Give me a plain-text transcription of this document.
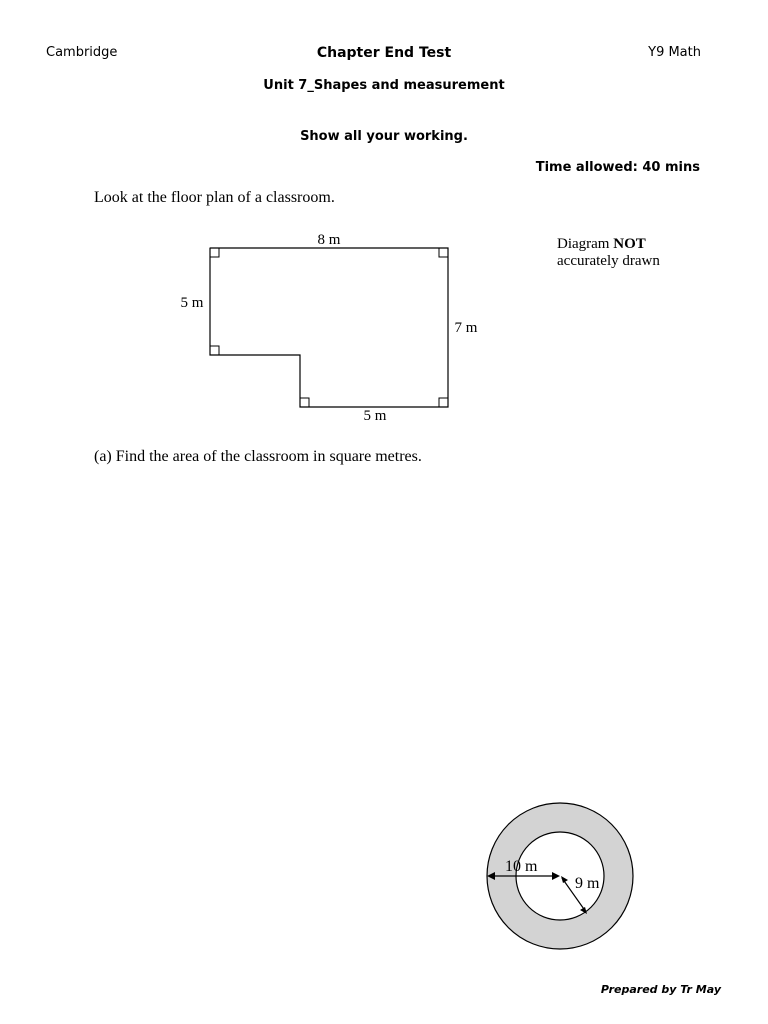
Cambridge	Chapter End Test	Y9 Math
Unit 7_Shapes and measurement
Show all your working.
Time allowed: 40 mins
Look at the floor plan of a classroom.
Diagram NOT
accurately drawn
8 m
5 m
7 m
5 m
(a) Find the area of the classroom in square metres.
10 m
9 m
Prepared by Tr May
